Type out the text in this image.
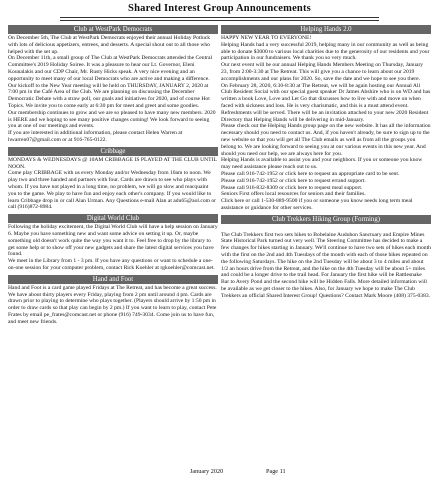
Shared Interest Group Announcements
Club at WestPark Democrats

On December 5th, The Club at WestPark Democrats enjoyed their annual Holiday Potluck with lots of delicious appetizers, entrees, and desserts. A special shout out to all those who helped with the set up.

On December 11th, a small group of The Club at WestPark Democrats attended the Central Committee's 2019 Holiday Soiree. It was a pleasure to hear our Lt. Governor, Eleni Kounalakis and our CDP Chair, Mr. Rusty Hicks speak. A very nice evening and an opportunity to meet many of our local Democrats who are active and making a difference. Our kickoff to the New Year meeting will be held on THURSDAY, JANUARY 2, 2020 at 7:00 pm in the Café Area of the Club. We are planning on discussing the December Democratic Debate with a straw poll, our goals and initiatives for 2020, and of course Hot Topics. We invite you to come early at 6:30 pm for meet and greet and some goodies.

Our membership continues to grow and we are so pleased to have many new members. 2020 is HERE and we hoping to see many positive changes coming! We look forward to seeing you at one of our meetings and events.

If you are interested in additional information, please contact Helen Warren at hwarren07@gmail.com or at 916-765-0122.

Cribbage

MONDAYS & WEDNESDAYS @ 10AM CRIBBAGE IS PLAYED AT THE CLUB UNTIL NOON.

Come play CRIBBAGE with us every Monday and/or Wednesday from 10am to noon. We play two and three handed and partners with four. Cards are drawn to see who plays with whom. If you have not played in a long time, no problem, we will go slow and reacquaint you to the game. We play to have fun and enjoy each other's company. If you would like to learn Cribbage drop in or call Alan Urman. Any Questions e-mail Alan at adu65@aol.com or call (916)872-8984.

Digital World Club

Following the holiday excitement, the Digital World Club will have a help session on January 6. Maybe you have something new and want some advice on setting it up. Or, maybe something old doesn't work quite the way you want it to. Feel free to drop by the library to get some help or to show off your new gadgets and share the latest digital services you have found.

We meet in the Library from 1 - 3 pm. If you have any questions or want to schedule a one-on-one session for your computer problem, contact Rick Koehler at rgkoehler@comcast.net.

Hand and Foot

Hand and Foot is a card game played Fridays at The Retreat, and has become a great success. We have about thirty players every Friday, playing from 2 pm until around 4 pm. Cards are drawn prior to playing to determine who plays together. (Players should arrive by 1:50 pm in order to draw cards so that play can begin by 2 pm.) If you want to learn to play, contact Pete Frates by email pe_frates@comcast.net or phone (916) 749-3034. Come join us to have fun, and meet new friends.

Helping Hands 2.0

HAPPY NEW YEAR TO EVERYONE!

Helping Hands had a very successful 2019, helping many in our community as well as being able to donate $3000 to various local charities due to the generosity of our residents and your participation in our fundraisers. We thank you so very much.

Our next event will be our annual Helping Hands Members Meeting on Thursday, January 23, from 2:00-3:30 at The Retreat. This will give you a chance to learn about our 2019 accomplishments and our plans for 2020. So, save the date and we hope to see you there.

On February 28, 2020, 6:30-8:30 at The Retreat, we will be again hosting our Annual All Club Resident Social with our special guest speaker Dr James Abshire who is on WD and has written a book Love, Love and Let Go that discusses how to live with and move on when faced with sickness and loss. He is very charismatic, and this is a must attend event. Refreshments will be served. There will be an invitation attached to your new 2020 Resident Directory that Helping Hands will be delivering in mid-January.

Please check out the Helping Hands group page on the new website. It has all the information necessary should you need to contact us. And, if you haven't already, be sure to sign up to the new website so that you will get all The Club emails as well as from all the groups you belong to. We are looking forward to seeing you at our various events in this new year. And should you need our help, we are always here for you.

Helping Hands is available to assist you and your neighbors. If you or someone you know may need assistance please reach out to us.

Please call 916-742-1952 or click here to request an appropriate card to be sent.

Please call 916-742-1952 or click here to request errand support.

Please call 916-832-8309 or click here to request meal support.

Seniors First offers local resources for seniors and their families.

Click here or call 1-530-889-9500 if you or someone you know needs long term meal assistance or guidance for other services.

Club Trekkers Hiking Group (Forming)

The Club Trekkers first two sets hikes to Bobelaine Audubon Sanctuary and Empire Mines State Historical Park turned out very well. The Steering Committee has decided to make a few changes for hikes starting in January. We'll continue to have two sets of hikes each month with the first on the 2nd and 4th Tuesdays of the month with each of those hikes repeated on the following Saturdays. The hike on the 2nd Tuesday will be about 3 to 4 miles and about 1/2 an hours drive from the Retreat, and the hike on the 4th Tuesday will be about 5+ miles and could be a longer drive to the trail head. For January the first hike will be Rattlesnake Bar to Avery Pond and the second hike will be Hidden Falls. More detailed information will be available as we get closer to the hikes. Also, for January we hope to make The Club Trekkers an official Shared Interest Group! Questions? Contact Mark Moore (408) 375-0383.

January 2020	Page 11
